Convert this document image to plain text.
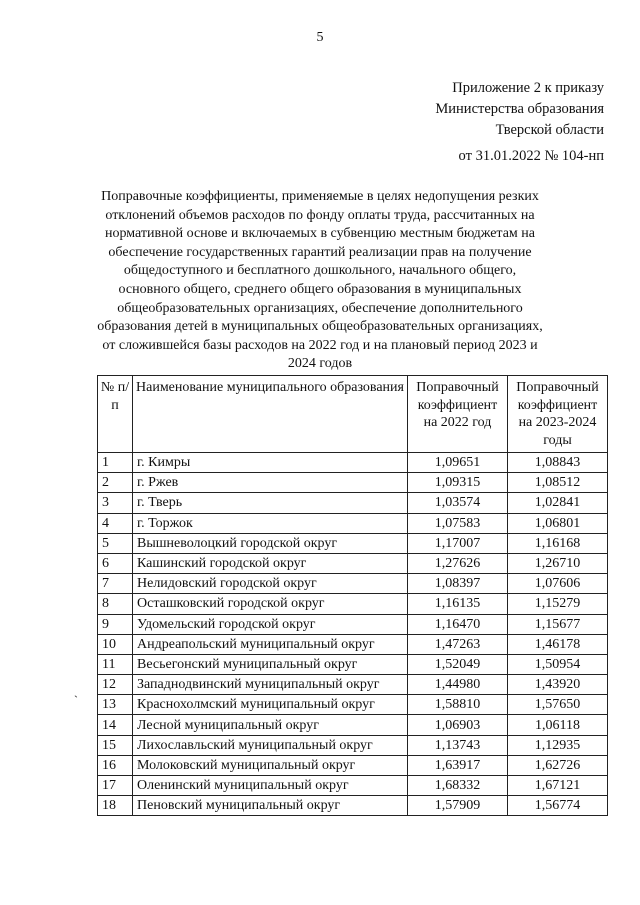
5
Приложение 2 к приказу
Министерства образования
Тверской области
от 31.01.2022 № 104-нп
Поправочные коэффициенты, применяемые в целях недопущения резких отклонений объемов расходов по фонду оплаты труда, рассчитанных на нормативной основе и включаемых в субвенцию местным бюджетам на обеспечение государственных гарантий реализации прав на получение общедоступного и бесплатного дошкольного, начального общего, основного общего, среднего общего образования в муниципальных общеобразовательных организациях, обеспечение дополнительного образования детей в муниципальных общеобразовательных организациях, от сложившейся базы расходов на 2022 год и на плановый период 2023 и 2024 годов
`
№ п/п	Наименование муниципального образования	Поправочный коэффициент на 2022 год	Поправочный коэффициент на 2023-2024 годы
1	г. Кимры	1,09651	1,08843
2	г. Ржев	1,09315	1,08512
3	г. Тверь	1,03574	1,02841
4	г. Торжок	1,07583	1,06801
5	Вышневолоцкий городской округ	1,17007	1,16168
6	Кашинский городской округ	1,27626	1,26710
7	Нелидовский городской округ	1,08397	1,07606
8	Осташковский городской округ	1,16135	1,15279
9	Удомельский городской округ	1,16470	1,15677
10	Андреапольский муниципальный округ	1,47263	1,46178
11	Весьегонский муниципальный округ	1,52049	1,50954
12	Западнодвинский муниципальный округ	1,44980	1,43920
13	Краснохолмский муниципальный округ	1,58810	1,57650
14	Лесной муниципальный округ	1,06903	1,06118
15	Лихославльский муниципальный округ	1,13743	1,12935
16	Молоковский муниципальный округ	1,63917	1,62726
17	Оленинский муниципальный округ	1,68332	1,67121
18	Пеновский муниципальный округ	1,57909	1,56774
